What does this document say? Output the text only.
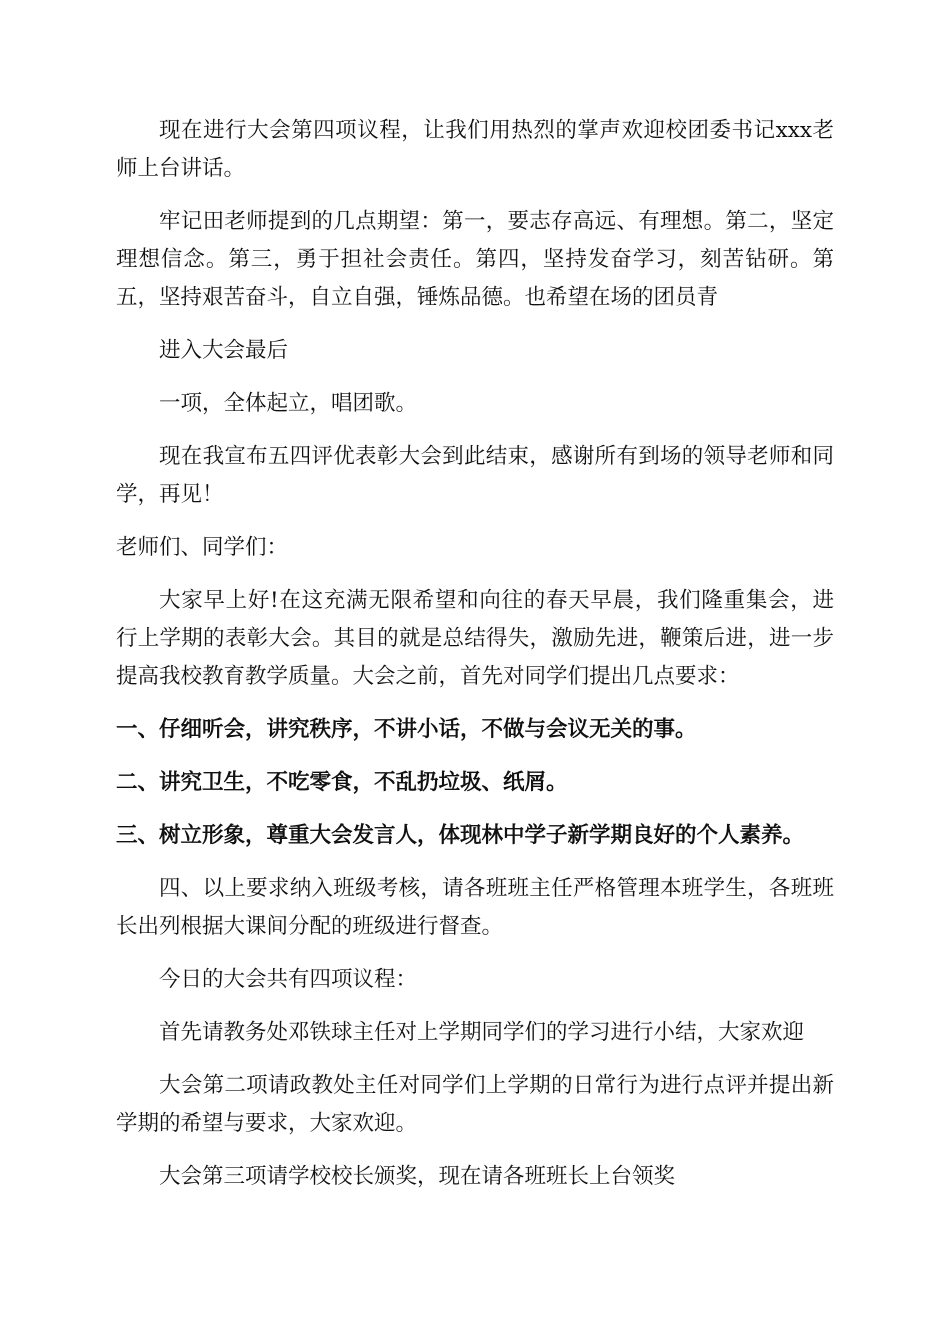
现在进行大会第四项议程，让我们用热烈的掌声欢迎校团委书记xxx老师上台讲话。

牢记田老师提到的几点期望：第一，要志存高远、有理想。第二，坚定理想信念。第三，勇于担社会责任。第四，坚持发奋学习，刻苦钻研。第五，坚持艰苦奋斗，自立自强，锤炼品德。也希望在场的团员青

进入大会最后

一项，全体起立，唱团歌。

现在我宣布五四评优表彰大会到此结束，感谢所有到场的领导老师和同学，再见！

老师们、同学们：

大家早上好!在这充满无限希望和向往的春天早晨，我们隆重集会，进行上学期的表彰大会。其目的就是总结得失，激励先进，鞭策后进，进一步提高我校教育教学质量。大会之前，首先对同学们提出几点要求：

一、仔细听会，讲究秩序，不讲小话，不做与会议无关的事。

二、讲究卫生，不吃零食，不乱扔垃圾、纸屑。

三、树立形象，尊重大会发言人，体现林中学子新学期良好的个人素养。

四、以上要求纳入班级考核，请各班班主任严格管理本班学生，各班班长出列根据大课间分配的班级进行督查。

今日的大会共有四项议程：

首先请教务处邓铁球主任对上学期同学们的学习进行小结，大家欢迎

大会第二项请政教处主任对同学们上学期的日常行为进行点评并提出新学期的希望与要求，大家欢迎。

大会第三项请学校校长颁奖，现在请各班班长上台领奖
